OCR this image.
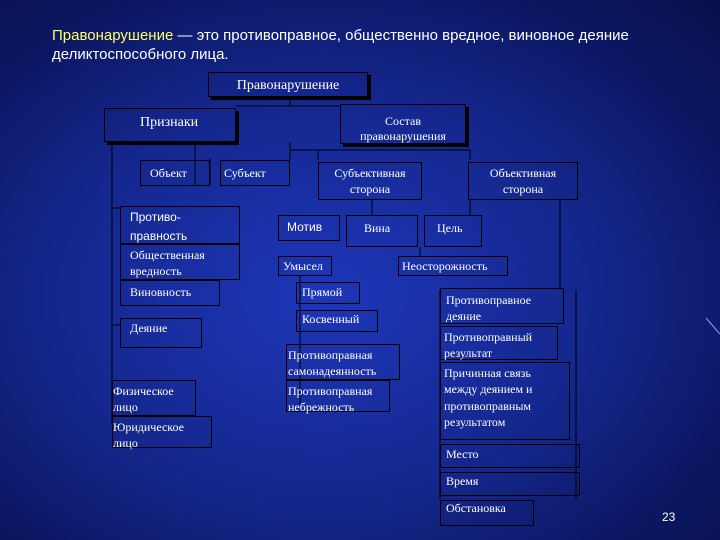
Правонарушение — это противоправное, общественно вредное, виновное деяние деликтоспособного лица.
Правонарушение
Признаки	Состав
правонарушения
Объект	Субъект	Субъективная
сторона
Объективная
сторона
Противо-
правность
Общественная
вредность
Виновность
Деяние
Физическое
лицо
Юридическое
лицо
Мотив	Вина	Цель
Умысел	Неосторожность
Прямой
Косвенный
Противоправная
самонадеянность
Противоправная
небрежность
Противоправное
деяние
Противоправный
результат
Причинная связь
между деянием и
противоправным
результатом
Место
Время
Обстановка
23
